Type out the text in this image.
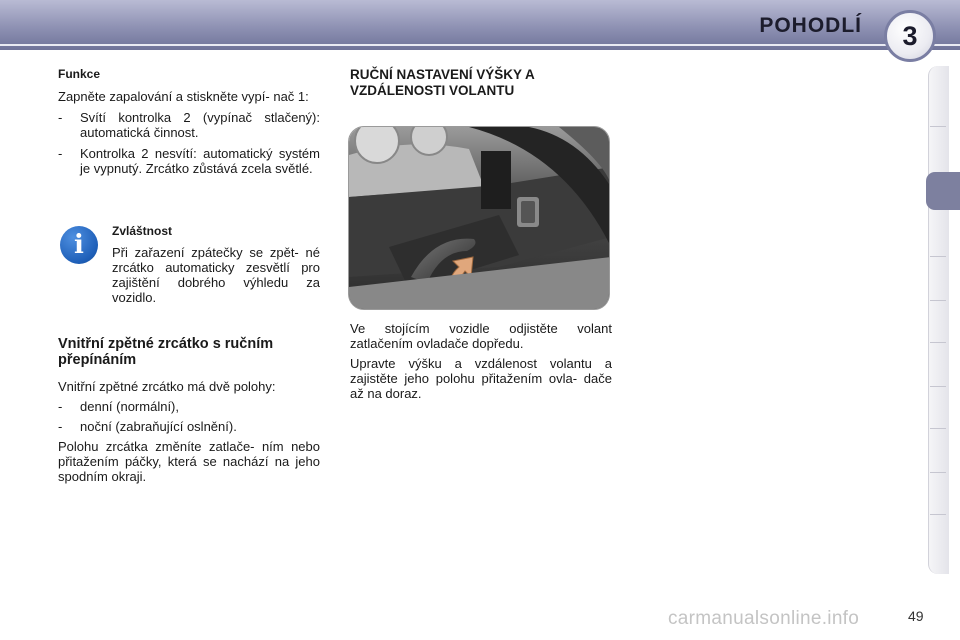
POHODLÍ	3

Funkce

Zapněte zapalování a stiskněte vypí- nač 1:

-	Svítí kontrolka 2 (vypínač stlačený): automatická činnost.
-	Kontrolka 2 nesvítí: automatický systém je vypnutý. Zrcátko zůstává zcela světlé.
i	Zvláštnost

Při zařazení zpátečky se zpět- né zrcátko automaticky zesvětlí pro zajištění dobrého výhledu za vozidlo.

Vnitřní zpětné zrcátko s ručním přepínáním

Vnitřní zpětné zrcátko má dvě polohy:

-	denní (normální),
-	noční (zabraňující oslnění).

Polohu zrcátka změníte zatlače- ním nebo přitažením páčky, která se nachází na jeho spodním okraji.

RUČNÍ NASTAVENÍ VÝŠKY A VZDÁLENOSTI VOLANTU

Ve stojícím vozidle odjistěte volant zatlačením ovladače dopředu.

Upravte výšku a vzdálenost volantu a zajistěte jeho polohu přitažením ovla- dače až na doraz.

carmanualsonline.info	49
